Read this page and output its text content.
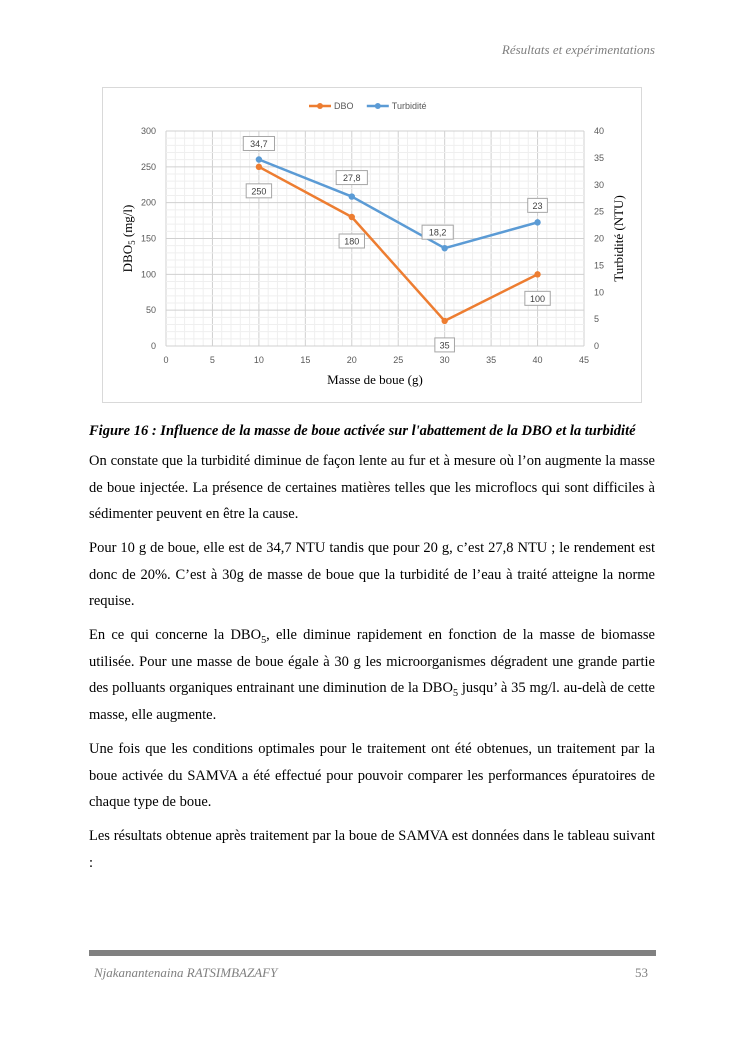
Résultats et expérimentations
0	5	10	15	20	25	30	35	40	45
0
50
100
150
200
250
300
0
5
10
15
20
25
30
35
40
Masse de boue (g)
$DBO_5$ (mg/l)	Turbidité (NTU)
DBO	Turbidité
250
180
35
100
34,7
27,8
18,2
23
Figure 16 : Influence de la masse de boue activée sur l'abattement de la DBO et la turbidité

On constate que la turbidité diminue de façon lente au fur et à mesure où l’on augmente la masse de boue injectée. La présence de certaines matières telles que les microflocs qui sont difficiles à sédimenter peuvent en être la cause.

Pour 10 g de boue, elle est de 34,7 NTU tandis que pour 20 g, c’est 27,8 NTU ; le rendement est donc de 20%. C’est à 30g de masse de boue que la turbidité de l’eau à traité atteigne la norme requise.

En ce qui concerne la $DBO_5$, elle diminue rapidement en fonction de la masse de biomasse utilisée. Pour une masse de boue égale à 30 g les microorganismes dégradent une grande partie des polluants organiques entrainant une diminution de la $DBO_5$ jusqu’ à 35 mg/l. au-delà de cette masse, elle augmente.

Une fois que les conditions optimales pour le traitement ont été obtenues, un traitement par la boue activée du SAMVA a été effectué pour pouvoir comparer les performances épuratoires de chaque type de boue.

Les résultats obtenue après traitement par la boue de SAMVA est données dans le tableau suivant :

Njakanantenaina RATSIMBAZAFY	53
